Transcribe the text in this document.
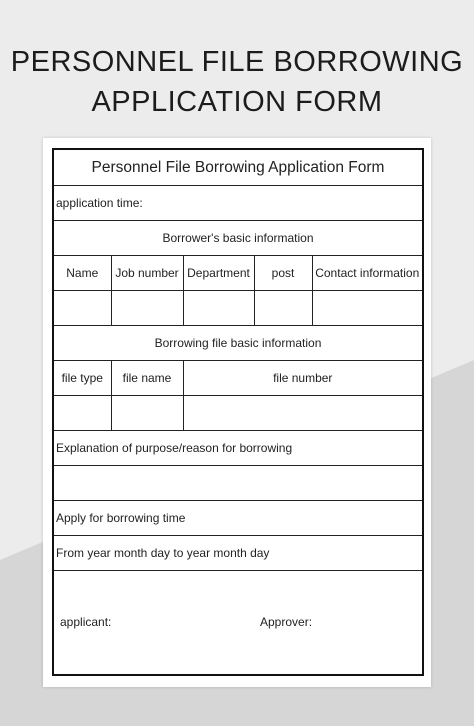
PERSONNEL FILE BORROWING
APPLICATION FORM
Personnel File Borrowing Application Form				
application time:				
Borrower's basic information				
Name	Job number	Department	post	Contact information

Borrowing file basic information				
file type	file name	file number		

Explanation of purpose/reason for borrowing				

Apply for borrowing time				
From year month day to year month day				

applicant: Approver:				
